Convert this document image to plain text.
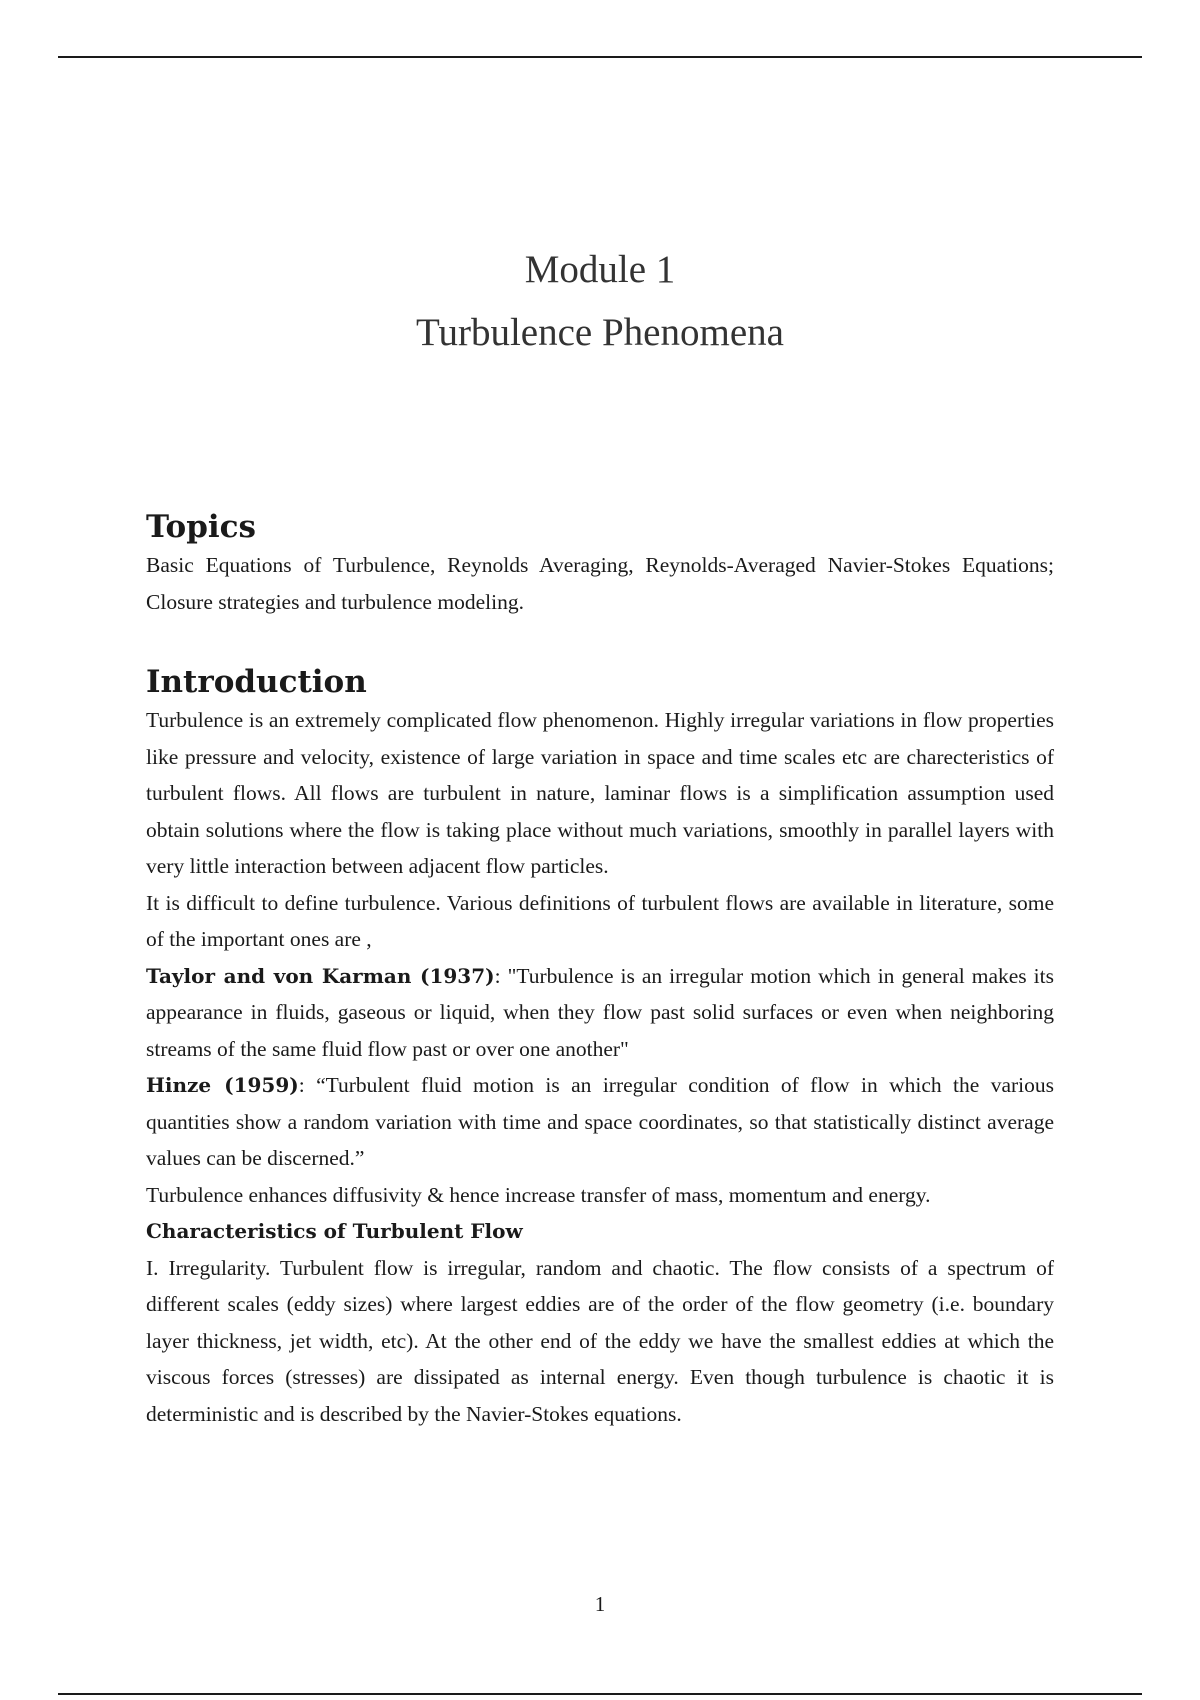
Module 1

Turbulence Phenomena

Topics

Basic Equations of Turbulence, Reynolds Averaging, Reynolds-Averaged Navier-Stokes Equations; Closure strategies and turbulence modeling.

Introduction

Turbulence is an extremely complicated flow phenomenon. Highly irregular variations in flow properties like pressure and velocity, existence of large variation in space and time scales etc are charecteristics of turbulent flows. All flows are turbulent in nature, laminar flows is a simplification assumption used obtain solutions where the flow is taking place without much variations, smoothly in parallel layers with very little interaction between adjacent flow particles.

It is difficult to define turbulence. Various definitions of turbulent flows are available in literature, some of the important ones are ,

Taylor and von Karman (1937): "Turbulence is an irregular motion which in general makes its appearance in fluids, gaseous or liquid, when they flow past solid surfaces or even when neighboring streams of the same fluid flow past or over one another"

Hinze (1959): “Turbulent fluid motion is an irregular condition of flow in which the various quantities show a random variation with time and space coordinates, so that statistically distinct average values can be discerned.”

Turbulence enhances diffusivity & hence increase transfer of mass, momentum and energy.

Characteristics of Turbulent Flow

I. Irregularity. Turbulent flow is irregular, random and chaotic. The flow consists of a spectrum of different scales (eddy sizes) where largest eddies are of the order of the flow geometry (i.e. boundary layer thickness, jet width, etc). At the other end of the eddy we have the smallest eddies at which the viscous forces (stresses) are dissipated as internal energy. Even though turbulence is chaotic it is deterministic and is described by the Navier-Stokes equations.

1
